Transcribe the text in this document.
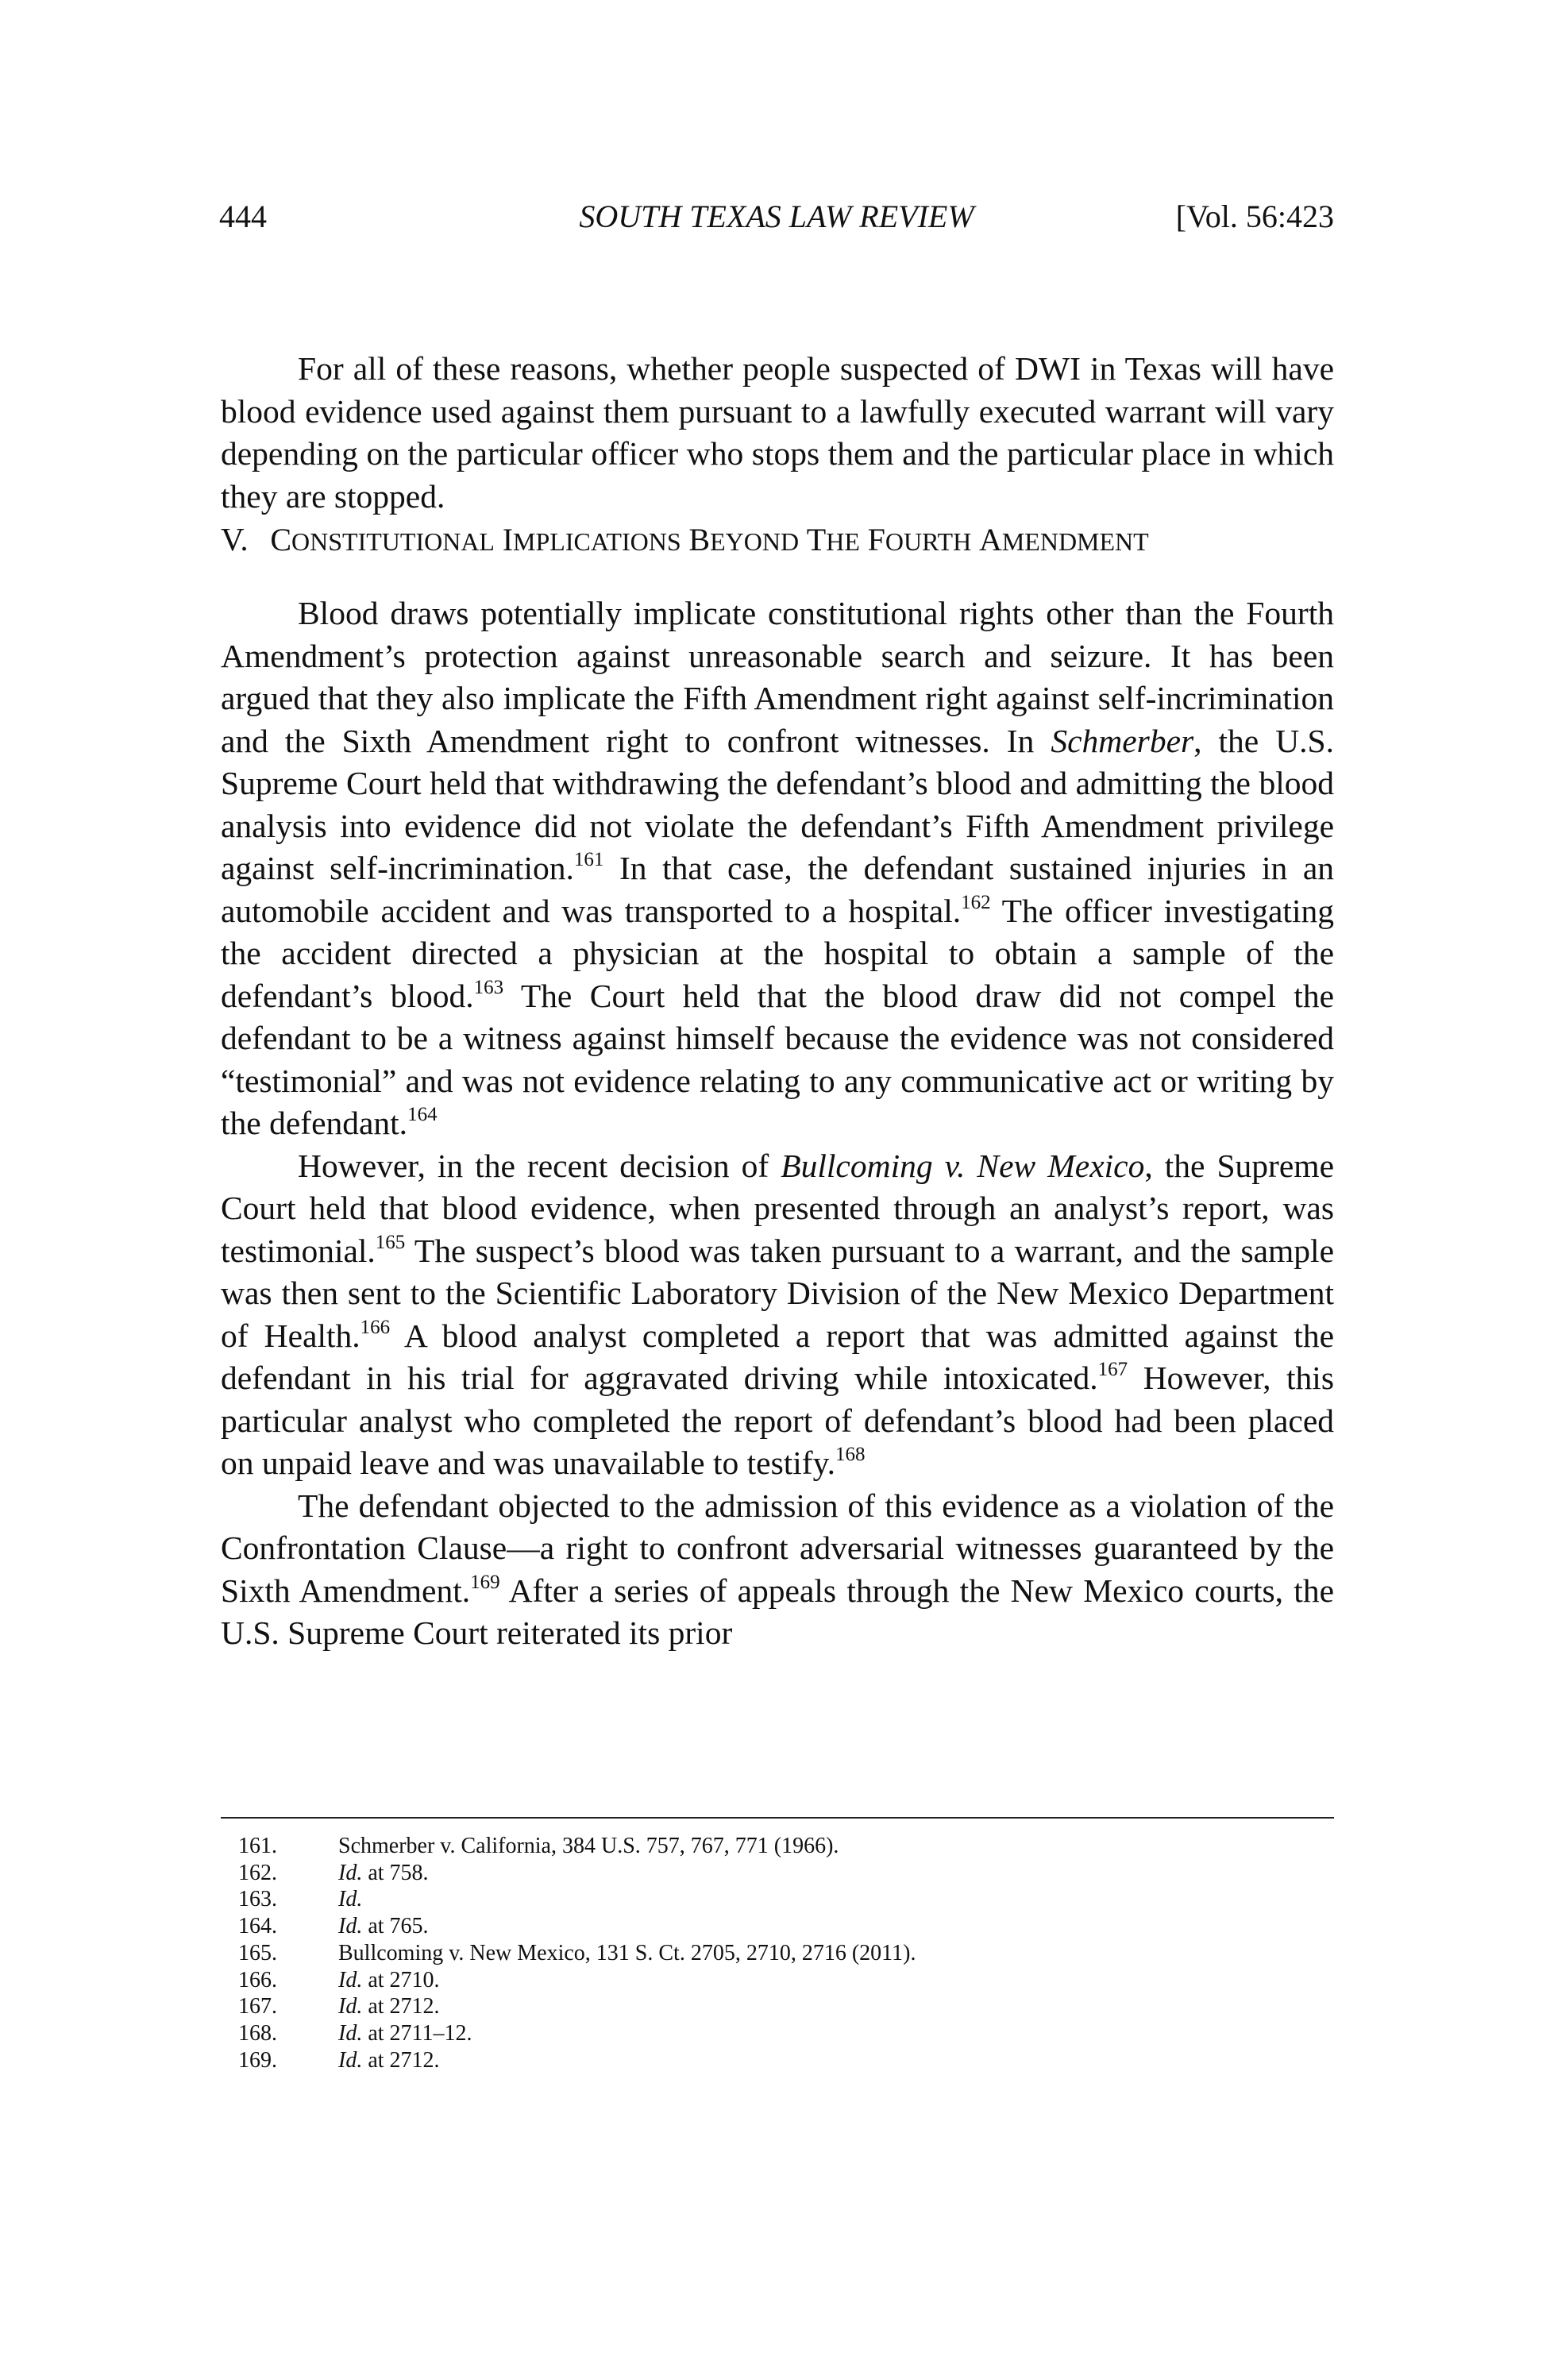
444	SOUTH TEXAS LAW REVIEW	[Vol. 56:423

For all of these reasons, whether people suspected of DWI in Texas will have blood evidence used against them pursuant to a lawfully executed warrant will vary depending on the particular officer who stops them and the particular place in which they are stopped.

V. CONSTITUTIONAL IMPLICATIONS BEYOND THE FOURTH AMENDMENT

Blood draws potentially implicate constitutional rights other than the Fourth Amendment’s protection against unreasonable search and seizure. It has been argued that they also implicate the Fifth Amendment right against self-incrimination and the Sixth Amendment right to confront witnesses. In Schmerber, the U.S. Supreme Court held that withdrawing the defendant’s blood and admitting the blood analysis into evidence did not violate the defendant’s Fifth Amendment privilege against self-incrimination.$^{161}$ In that case, the defendant sustained injuries in an automobile accident and was transported to a hospital.$^{162}$ The officer investigating the accident directed a physician at the hospital to obtain a sample of the defendant’s blood.$^{163}$ The Court held that the blood draw did not compel the defendant to be a witness against himself because the evidence was not considered “testimonial” and was not evidence relating to any communicative act or writing by the defendant.$^{164}$

However, in the recent decision of Bullcoming v. New Mexico, the Supreme Court held that blood evidence, when presented through an analyst’s report, was testimonial.$^{165}$ The suspect’s blood was taken pursuant to a warrant, and the sample was then sent to the Scientific Laboratory Division of the New Mexico Department of Health.$^{166}$ A blood analyst completed a report that was admitted against the defendant in his trial for aggravated driving while intoxicated.$^{167}$ However, this particular analyst who completed the report of defendant’s blood had been placed on unpaid leave and was unavailable to testify.$^{168}$

The defendant objected to the admission of this evidence as a violation of the Confrontation Clause—a right to confront adversarial witnesses guaranteed by the Sixth Amendment.$^{169}$ After a series of appeals through the New Mexico courts, the U.S. Supreme Court reiterated its prior

161.	Schmerber v. California, 384 U.S. 757, 767, 771 (1966).
162.	Id. at 758.
163.	Id.
164.	Id. at 765.
165.	Bullcoming v. New Mexico, 131 S. Ct. 2705, 2710, 2716 (2011).
166.	Id. at 2710.
167.	Id. at 2712.
168.	Id. at 2711–12.
169.	Id. at 2712.
